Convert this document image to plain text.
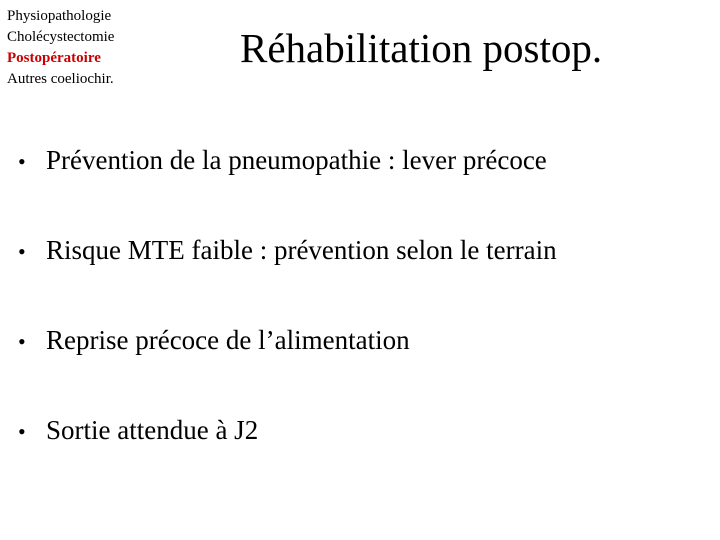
Physiopathologie
Cholécystectomie
Postopératoire
Autres coeliochir.
Réhabilitation postop.
• Prévention de la pneumopathie : lever précoce
• Risque MTE faible : prévention selon le terrain
• Reprise précoce de l’alimentation
• Sortie attendue à J2
